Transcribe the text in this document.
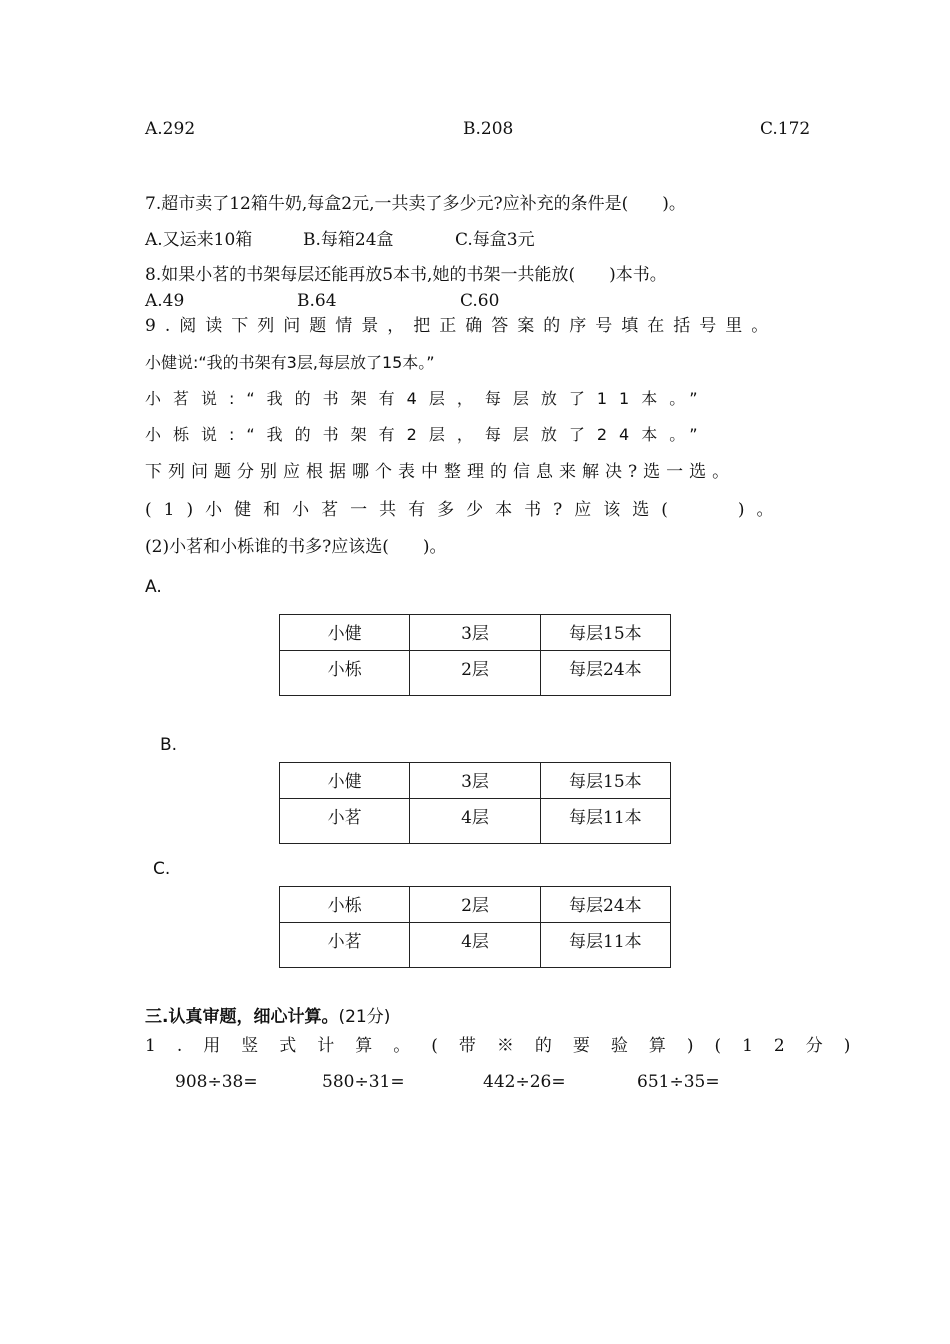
A.292	B.208	C.172
7.超市卖了12箱牛奶,每盒2元,一共卖了多少元?应补充的条件是(　　)。
A.又运来10箱	B.每箱24盒	C.每盒3元
8.如果小茗的书架每层还能再放5本书,她的书架一共能放(　　)本书。
A.49	B.64	C.60
9.阅读下列问题情景，把正确答案的序号填在括号里。
小健说:“我的书架有3层,每层放了15本。”
小茗说:“我的书架有4层，每层放了11本。”
小栎说:“我的书架有2层，每层放了24本。”
下列问题分别应根据哪个表中整理的信息来解决?选一选。
(1)小健和小茗一共有多少本书?应该选(　　)。
(2)小茗和小栎谁的书多?应该选(　　)。
A.
小健	3层	每层15本
小栎	2层	每层24本
B.
小健	3层	每层15本
小茗	4层	每层11本
C.
小栎	2层	每层24本
小茗	4层	每层11本
三.认真审题，细心计算。(21分)
1.用竖式计算。(带※的要验算)(12分)
908÷38=	580÷31=	442÷26=	651÷35=
